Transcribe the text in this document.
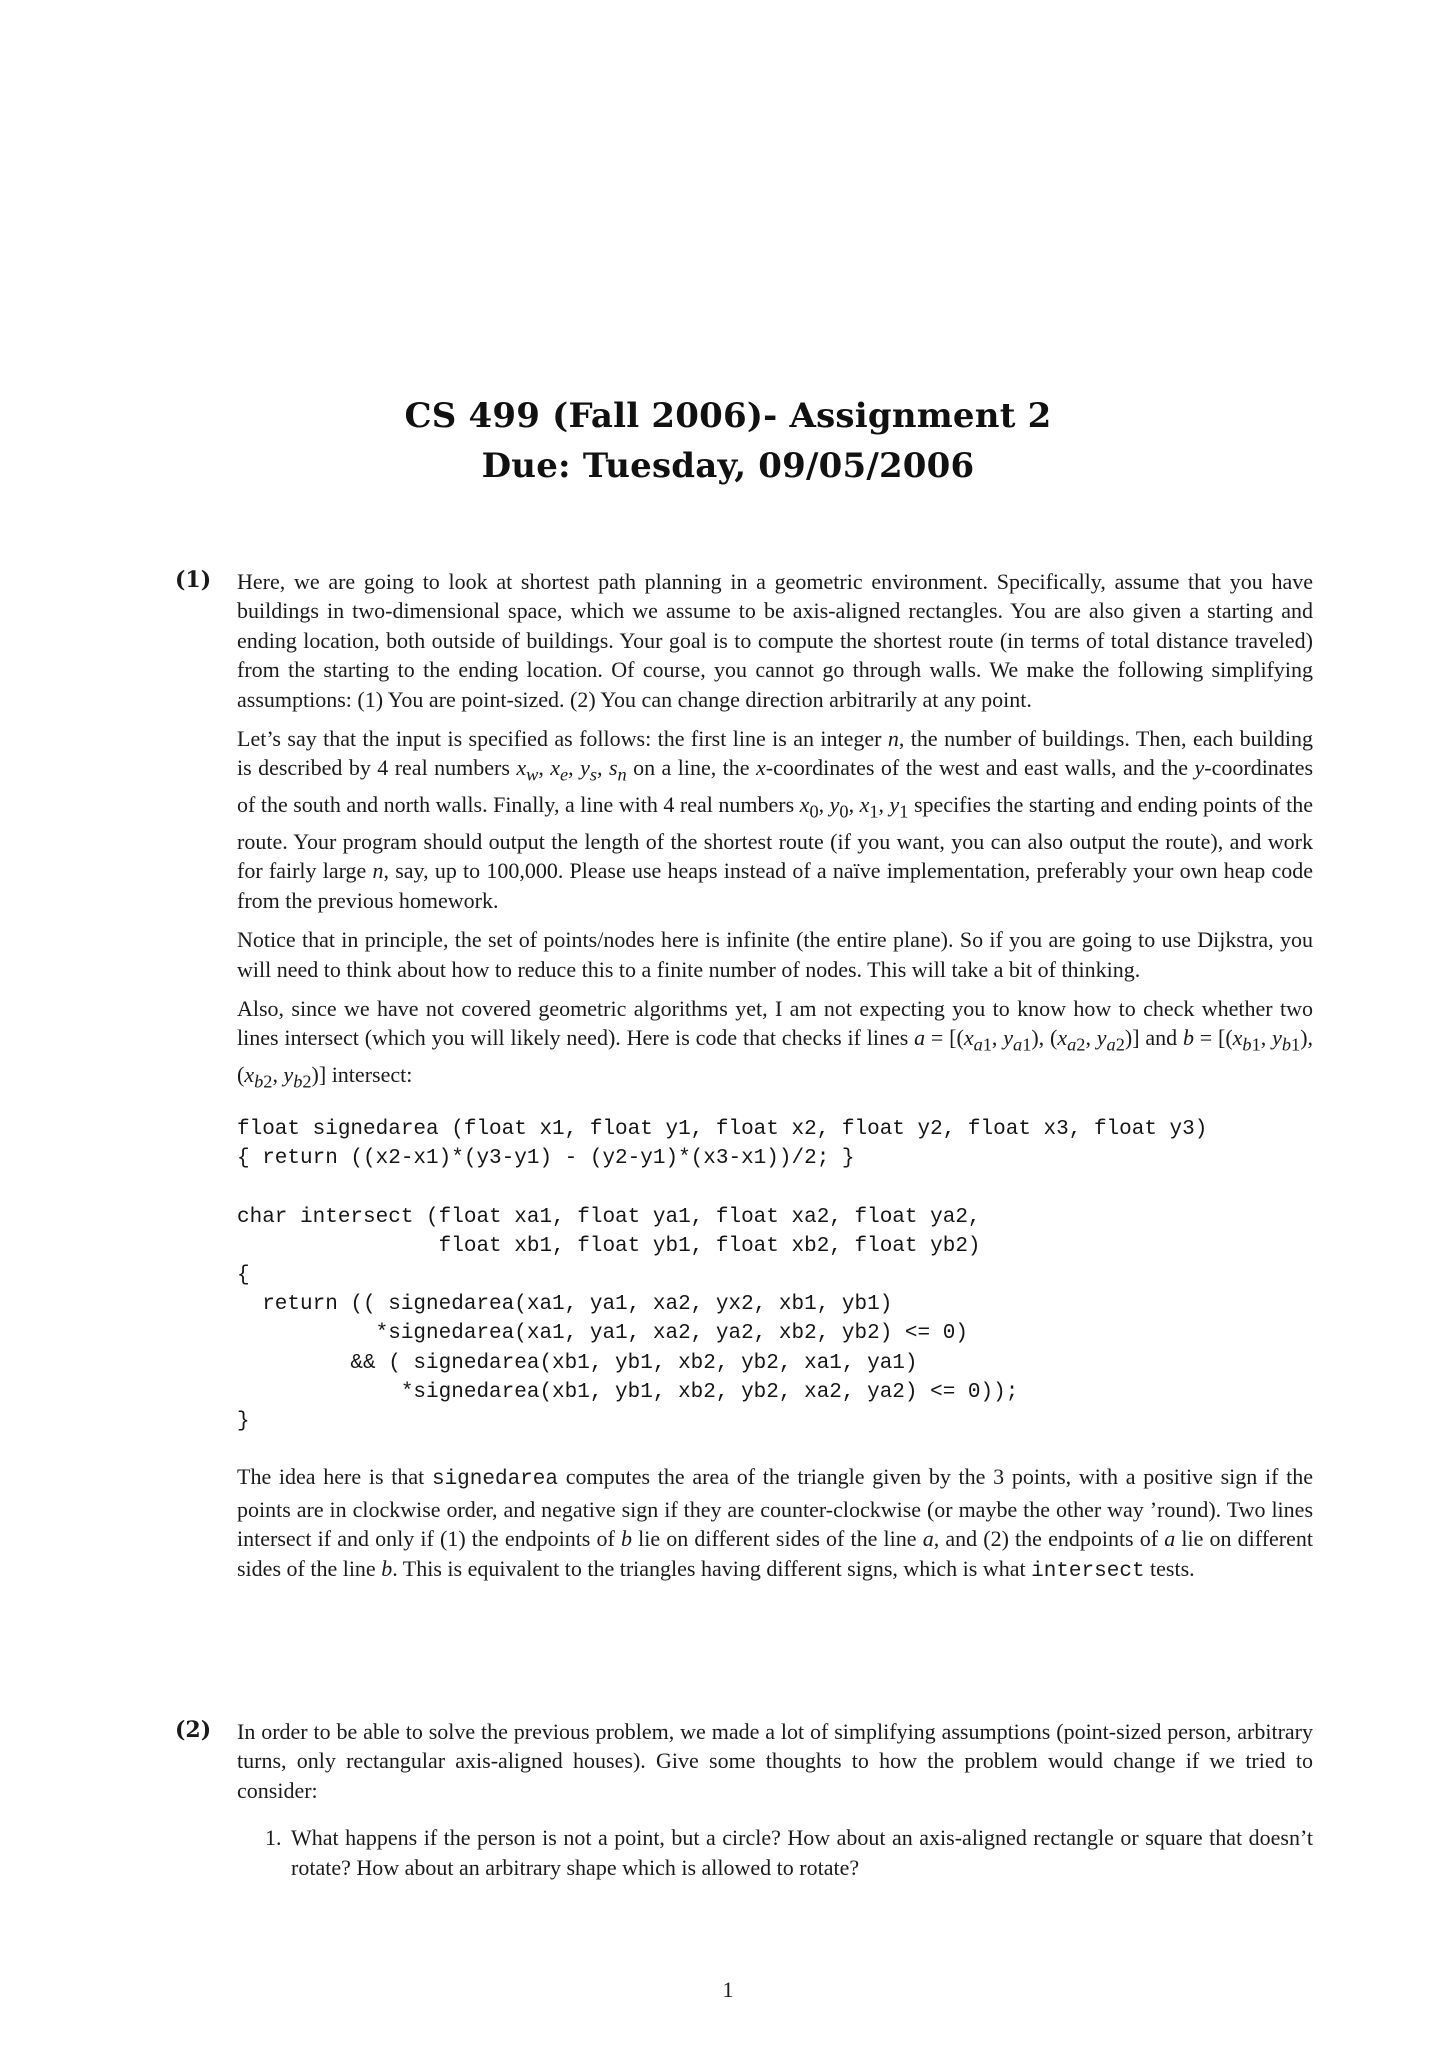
CS 499 (Fall 2006)- Assignment 2
Due: Tuesday, 09/05/2006
(1) Here, we are going to look at shortest path planning in a geometric environment. Specifically, assume that you have buildings in two-dimensional space, which we assume to be axis-aligned rectangles. You are also given a starting and ending location, both outside of buildings. Your goal is to compute the shortest route (in terms of total distance traveled) from the starting to the ending location. Of course, you cannot go through walls. We make the following simplifying assumptions: (1) You are point-sized. (2) You can change direction arbitrarily at any point.

Let’s say that the input is specified as follows: the first line is an integer n, the number of buildings. Then, each building is described by 4 real numbers $x_w$, $x_e$, $y_s$, $s_n$ on a line, the x-coordinates of the west and east walls, and the y-coordinates of the south and north walls. Finally, a line with 4 real numbers $x_0$, $y_0$, $x_1$, $y_1$ specifies the starting and ending points of the route. Your program should output the length of the shortest route (if you want, you can also output the route), and work for fairly large n, say, up to 100,000. Please use heaps instead of a naïve implementation, preferably your own heap code from the previous homework.

Notice that in principle, the set of points/nodes here is infinite (the entire plane). So if you are going to use Dijkstra, you will need to think about how to reduce this to a finite number of nodes. This will take a bit of thinking.

Also, since we have not covered geometric algorithms yet, I am not expecting you to know how to check whether two lines intersect (which you will likely need). Here is code that checks if lines $a = [(x_{a1}$, $y_{a1}$), ($x_{a2}$, $y_{a2}$)] and $b = [(x_{b1}$, $y_{b1}$), ($x_{b2}$, $y_{b2}$)] intersect:

float signedarea (float x1, float y1, float x2, float y2, float x3, float y3)
{ return ((x2-x1)*(y3-y1) - (y2-y1)*(x3-x1))/2; }

char intersect (float xa1, float ya1, float xa2, float ya2,
float xb1, float yb1, float xb2, float yb2)
{
return (( signedarea(xa1, ya1, xa2, yx2, xb1, yb1)
*signedarea(xa1, ya1, xa2, ya2, xb2, yb2) <= 0)
&& ( signedarea(xb1, yb1, xb2, yb2, xa1, ya1)
*signedarea(xb1, yb1, xb2, yb2, xa2, ya2) <= 0));
}

The idea here is that signedarea computes the area of the triangle given by the 3 points, with a positive sign if the points are in clockwise order, and negative sign if they are counter-clockwise (or maybe the other way ’round). Two lines intersect if and only if (1) the endpoints of b lie on different sides of the line a, and (2) the endpoints of a lie on different sides of the line b. This is equivalent to the triangles having different signs, which is what intersect tests.

(2) In order to be able to solve the previous problem, we made a lot of simplifying assumptions (point-sized person, arbitrary turns, only rectangular axis-aligned houses). Give some thoughts to how the problem would change if we tried to consider:

1. What happens if the person is not a point, but a circle? How about an axis-aligned rectangle or square that doesn’t rotate? How about an arbitrary shape which is allowed to rotate?
1
